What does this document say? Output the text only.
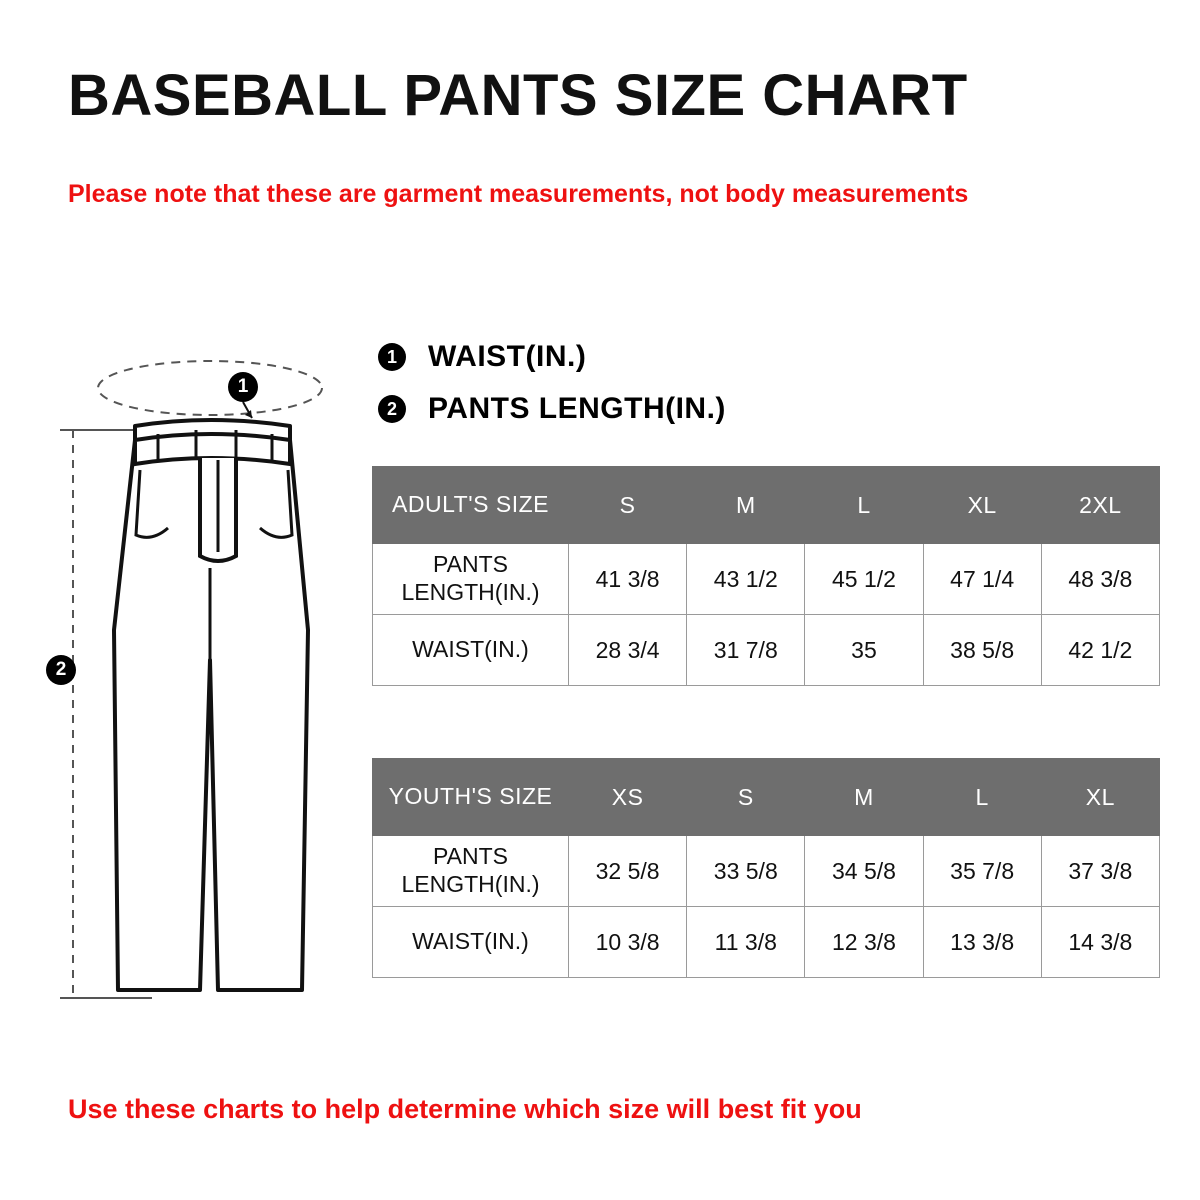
BASEBALL PANTS SIZE CHART
Please note that these are garment measurements, not body measurements
1	WAIST(IN.)
2	PANTS LENGTH(IN.)
1
2
ADULT'S SIZE	S	M	L	XL	2XL
PANTS LENGTH(IN.)	41 3/8	43 1/2	45 1/2	47 1/4	48 3/8
WAIST(IN.)	28 3/4	31 7/8	35	38 5/8	42 1/2
YOUTH'S SIZE	XS	S	M	L	XL
PANTS LENGTH(IN.)	32 5/8	33 5/8	34 5/8	35 7/8	37 3/8
WAIST(IN.)	10 3/8	11 3/8	12 3/8	13 3/8	14 3/8
Use these charts to help determine which size will best fit you
